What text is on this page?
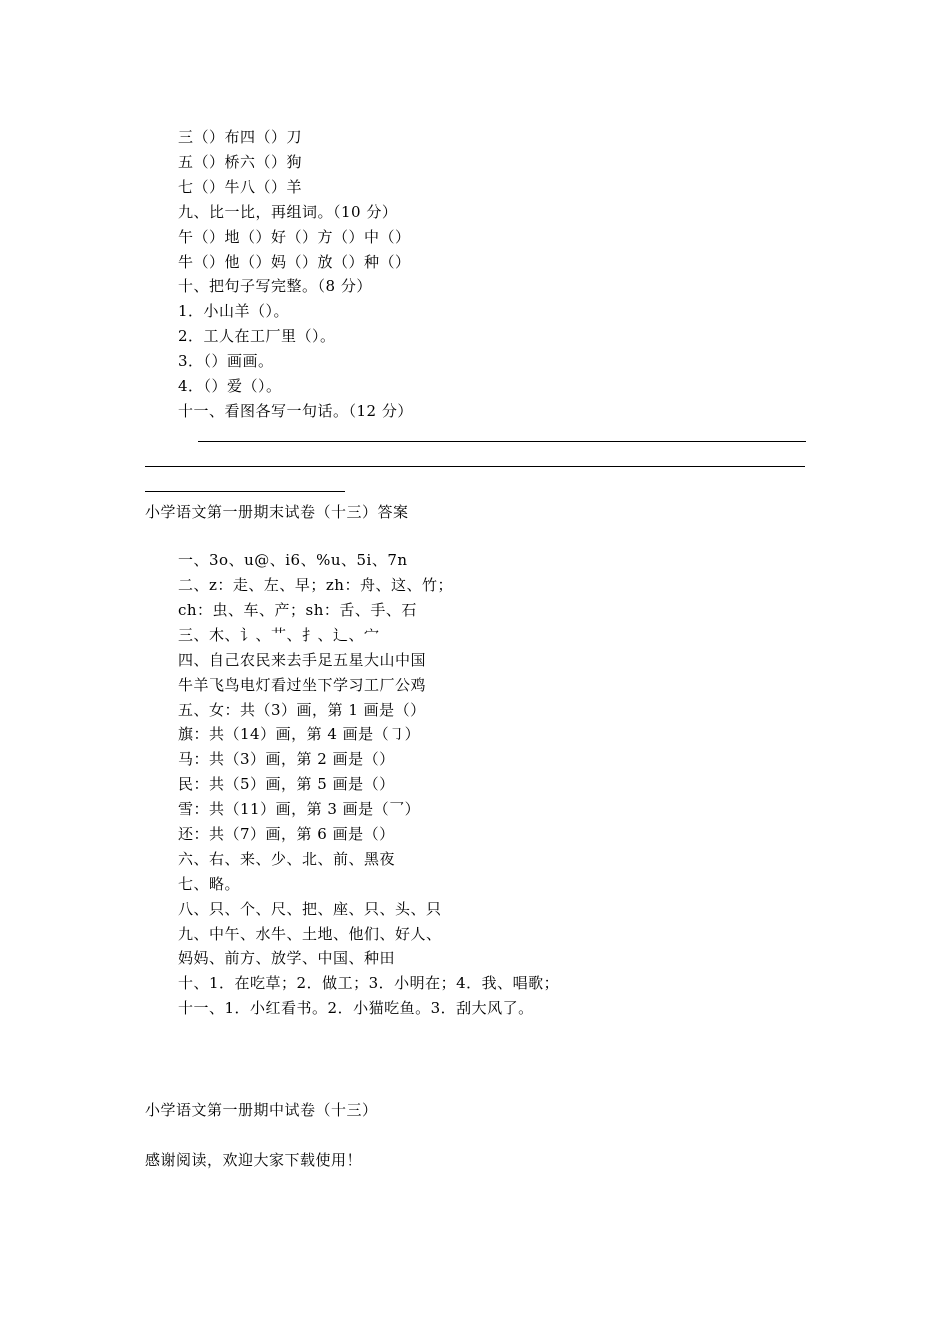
三（）布四（）刀
五（）桥六（）狗
七（）牛八（）羊
九、比一比，再组词。（10 分）
午（）地（）好（）方（）中（）
牛（）他（）妈（）放（）种（）
十、把句子写完整。（8 分）
1．小山羊（）。
2．工人在工厂里（）。
3．（）画画。
4．（）爱（）。
十一、看图各写一句话。（12 分）
小学语文第一册期末试卷（十三）答案
一、3o、u@、i6、%u、5i、7n
二、z：走、左、早；zh：舟、这、竹；
ch：虫、车、产；sh：舌、手、石
三、木、讠、艹、扌、辶、宀
四、自己农民来去手足五星大山中国
牛羊飞鸟电灯看过坐下学习工厂公鸡
五、女：共（3）画，第 1 画是（）
旗：共（14）画，第 4 画是（㇆）
马：共（3）画，第 2 画是（）
民：共（5）画，第 5 画是（）
雪：共（11）画，第 3 画是（乛）
还：共（7）画，第 6 画是（）
六、右、来、少、北、前、黑夜
七、略。
八、只、个、尺、把、座、只、头、只
九、中午、水牛、土地、他们、好人、
妈妈、前方、放学、中国、种田
十、1．在吃草；2．做工；3．小明在；4．我、唱歌；
十一、1．小红看书。2．小猫吃鱼。3．刮大风了。
小学语文第一册期中试卷（十三）
感谢阅读，欢迎大家下载使用！
